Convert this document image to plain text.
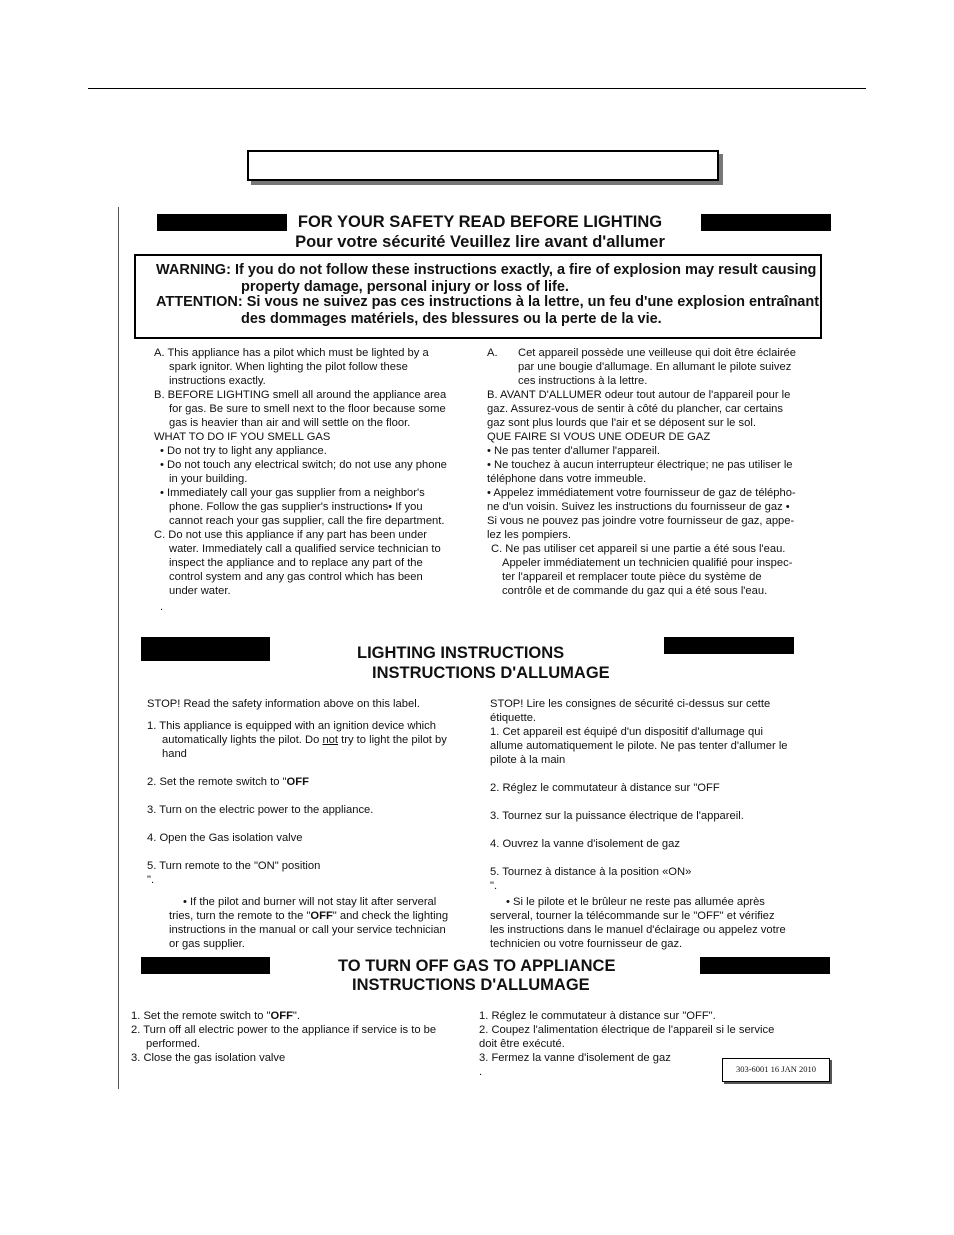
FOR YOUR SAFETY READ BEFORE LIGHTING
Pour votre sécurité Veuillez lire avant d'allumer
WARNING: If you do not follow these instructions exactly, a fire of explosion may result causing
property damage, personal injury or loss of life.
ATTENTION: Si vous ne suivez pas ces instructions à la lettre, un feu d'une explosion entraînant
des dommages matériels, des blessures ou la perte de la vie.

A. This appliance has a pilot which must be lighted by a

spark ignitor. When lighting the pilot follow these

instructions exactly.

B. BEFORE LIGHTING smell all around the appliance area

for gas. Be sure to smell next to the floor because some

gas is heavier than air and will settle on the floor.

WHAT TO DO IF YOU SMELL GAS

• Do not try to light any appliance.

• Do not touch any electrical switch; do not use any phone

in your building.

• Immediately call your gas supplier from a neighbor's

phone. Follow the gas supplier's instructions• If you

cannot reach your gas supplier, call the fire department.

C. Do not use this appliance if any part has been under

water. Immediately call a qualified service technician to

inspect the appliance and to replace any part of the

control system and any gas control which has been

under water.

.

A. Cet appareil possède une veilleuse qui doit être éclairée

par une bougie d'allumage. En allumant le pilote suivez

ces instructions à la lettre.

B. AVANT D'ALLUMER odeur tout autour de l'appareil pour le

gaz. Assurez-vous de sentir à côté du plancher, car certains

gaz sont plus lourds que l'air et se déposent sur le sol.

QUE FAIRE SI VOUS UNE ODEUR DE GAZ

• Ne pas tenter d'allumer l'appareil.

• Ne touchez à aucun interrupteur électrique; ne pas utiliser le

téléphone dans votre immeuble.

• Appelez immédiatement votre fournisseur de gaz de télépho-

ne d'un voisin. Suivez les instructions du fournisseur de gaz •

Si vous ne pouvez pas joindre votre fournisseur de gaz, appe-

lez les pompiers.

C. Ne pas utiliser cet appareil si une partie a été sous l'eau.

Appeler immédiatement un technicien qualifié pour inspec-

ter l'appareil et remplacer toute pièce du système de

contrôle et de commande du gaz qui a été sous l'eau.

LIGHTING INSTRUCTIONS
INSTRUCTIONS D'ALLUMAGE

STOP! Read the safety information above on this label.

1. This appliance is equipped with an ignition device which

automatically lights the pilot. Do not try to light the pilot by

hand

2. Set the remote switch to "OFF

3. Turn on the electric power to the appliance.

4. Open the Gas isolation valve

5. Turn remote to the "ON" position

".

• If the pilot and burner will not stay lit after serveral

tries, turn the remote to the "OFF" and check the lighting

instructions in the manual or call your service technician

or gas supplier.

STOP! Lire les consignes de sécurité ci-dessus sur cette

étiquette.

1. Cet appareil est équipé d'un dispositif d'allumage qui

allume automatiquement le pilote. Ne pas tenter d'allumer le

pilote à la main

2. Réglez le commutateur à distance sur "OFF

3. Tournez sur la puissance électrique de l'appareil.

4. Ouvrez la vanne d'isolement de gaz

5. Tournez à distance à la position «ON»

".

• Si le pilote et le brûleur ne reste pas allumée après

serveral, tourner la télécommande sur le "OFF" et vérifiez

les instructions dans le manuel d'éclairage ou appelez votre

technicien ou votre fournisseur de gaz.

TO TURN OFF GAS TO APPLIANCE
INSTRUCTIONS D'ALLUMAGE

1. Set the remote switch to "OFF".

2. Turn off all electric power to the appliance if service is to be

performed.

3. Close the gas isolation valve

1. Réglez le commutateur à distance sur "OFF".

2. Coupez l'alimentation électrique de l'appareil si le service

doit être exécuté.

3. Fermez la vanne d'isolement de gaz

.	303-6001 16 JAN 2010
